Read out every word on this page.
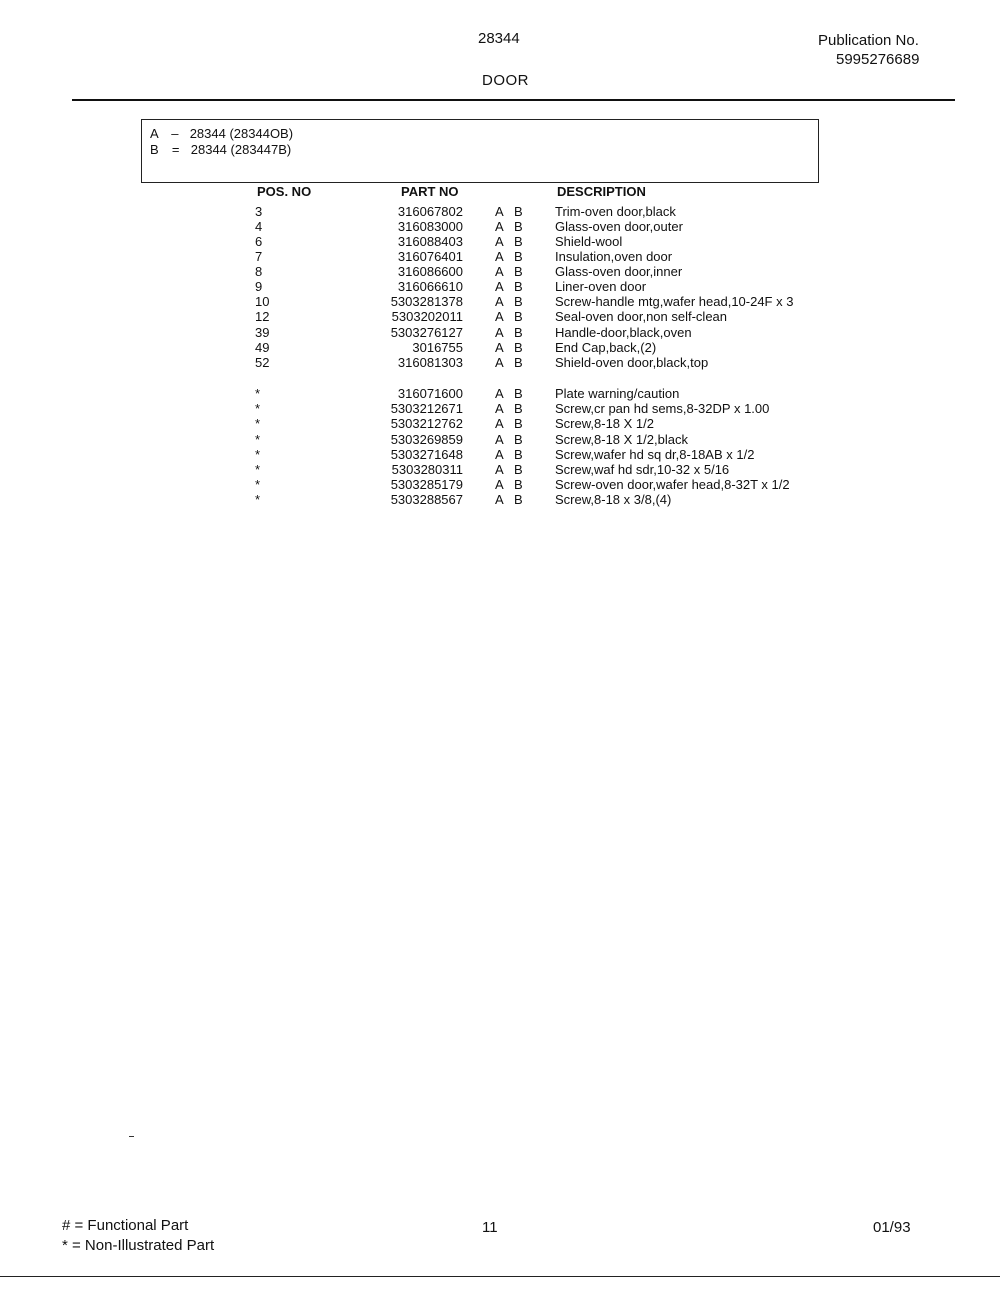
28344
DOOR
Publication No.
5995276689
A – 28344 (28344OB)
B = 28344 (283447B)
POS. NO	PART NO	DESCRIPTION
3	316067802 A B Trim-oven door,black
4	316083000 A B Glass-oven door,outer
6	316088403 A B Shield-wool
7	316076401 A B Insulation,oven door
8	316086600 A B Glass-oven door,inner
9	316066610 A B Liner-oven door
10	5303281378 A B Screw-handle mtg,wafer head,10-24F x 3
12	5303202011 A B Seal-oven door,non self-clean
39	5303276127 A B Handle-door,black,oven
49	3016755 A B End Cap,back,(2)
52	316081303 A B Shield-oven door,black,top
*	316071600 A B Plate warning/caution
*	5303212671 A B Screw,cr pan hd sems,8-32DP x 1.00
*	5303212762 A B Screw,8-18 X 1/2
*	5303269859 A B Screw,8-18 X 1/2,black
*	5303271648 A B Screw,wafer hd sq dr,8-18AB x 1/2
*	5303280311 A B Screw,waf hd sdr,10-32 x 5/16
*	5303285179 A B Screw-oven door,wafer head,8-32T x 1/2
*	5303288567 A B Screw,8-18 x 3/8,(4)
# = Functional Part
* = Non-Illustrated Part
11	01/93
